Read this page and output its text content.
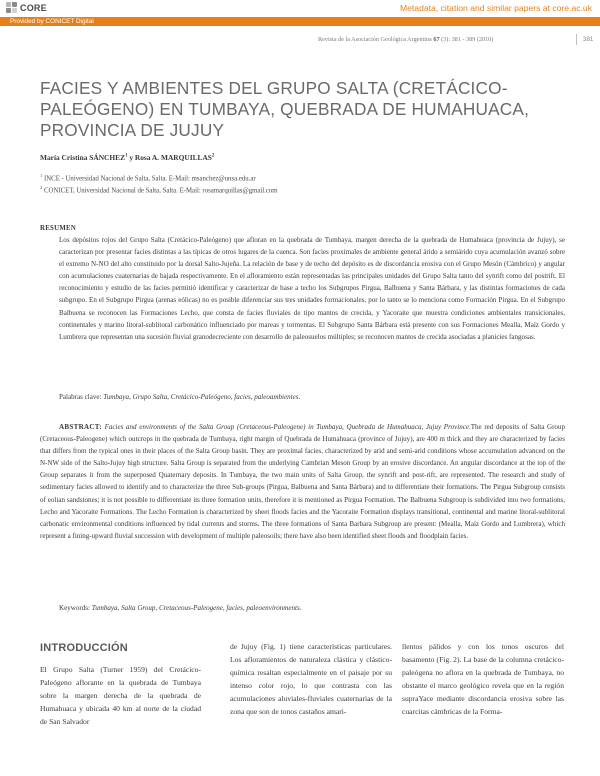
CORE	Metadata, citation and similar papers at core.ac.uk
Provided by CONICET Digital
Revista de la Asociación Geológica Argentina 67 (3): 381 - 389 (2010)	381
FACIES Y AMBIENTES DEL GRUPO SALTA (CRETÁCICO-PALEÓGENO) EN TUMBAYA, QUEBRADA DE HUMAHUACA, PROVINCIA DE JUJUY
María Cristina SÁNCHEZ$^1$ y Rosa A. MARQUILLAS$^2$
$^1$ INCE - Universidad Nacional de Salta, Salta. E-Mail: msanchez@unsa.edu.ar
$^2$ CONICET, Universidad Nacional de Salta, Salta. E-Mail: rosamarquillas@gmail.com
RESUMEN

Los depósitos rojos del Grupo Salta (Cretácico-Paleógeno) que afloran en la quebrada de Tumbaya, margen derecha de la quebrada de Humahuaca (provincia de Jujuy), se caracterizan por presentar facies distintas a las típicas de otros lugares de la cuenca. Son facies proximales de ambiente general árido a semiárido cuya acumulación avanzó sobre el extremo N-NO del alto constituido por la dorsal Salto-Jujeña. La relación de base y de techo del depósito es de discordancia erosiva con el Grupo Mesón (Cámbrico) y angular con acumulaciones cuaternarias de bajada respectivamente. En el afloramiento están representadas las principales unidades del Grupo Salta tanto del synrift como del postrift. El reconocimiento y estudio de las facies permitió identificar y caracterizar de base a techo los Subgrupos Pirgua, Balbuena y Santa Bárbara, y las distintas formaciones de cada subgrupo. En el Subgrupo Pirgua (arenas eólicas) no es posible diferenciar sus tres unidades formacionales, por lo tanto se lo menciona como Formación Pirgua. En el Subgrupo Balbuena se reconocen las Formaciones Lecho, que consta de facies fluviales de tipo mantos de crecida, y Yacoraite que muestra condiciones ambientales transicionales, continentales y marino litoral-sublitoral carbonático influenciado por mareas y tormentas. El Subgrupo Santa Bárbara está presente con sus Formaciones Mealla, Maíz Gordo y Lumbrera que representan una sucesión fluvial granodecreciente con desarrollo de paleosuelos múltiples; se reconocen mantos de crecida asociadas a planicies fangosas.

Palabras clave: Tumbaya, Grupo Salta, Cretácico-Paleógeno, facies, paleoambientes.

ABSTRACT: Facies and environments of the Salta Group (Cretaceous-Paleogene) in Tumbaya, Quebrada de Humahuaca, Jujuy Province.The red deposits of Salta Group (Cretaceous-Paleogene) which outcrops in the quebrada de Tumbaya, right margin of Quebrada de Humahuaca (province of Jujuy), are 400 m thick and they are characterized by facies that differs from the typical ones in their places of the Salta Group basin. They are proximal facies, characterized by arid and semi-arid conditions whose accumulation advanced on the N-NW side of the Salto-Jujuy high structure. Salta Group is separated from the underlying Cambrian Meson Group by an erosive discordance. An angular discordance at the top of the Group separates it from the superposed Quaternary deposits. In Tumbaya, the two main units of Salta Group, the synrift and post-rift, are represented. The research and study of sedimentary facies allowed to identify and to characterize the three Sub-groups (Pirgua, Balbuena and Santa Bárbara) and to differentiate their formations. The Pirgua Subgroup consists of eolian sandstones; it is not possible to differentiate its three formation units, therefore it is mentioned as Pirgua Formation. The Balbuena Subgroup is subdivided into two formations, Lecho and Yacoraite Formations. The Lecho Formation is characterized by sheet floods facies and the Yacoraite Formation displays transitional, continental and marine litoral-sublitoral carbonatic environmental conditions influenced by tidal currents and storms. The three formations of Santa Barbara Subgroup are present: (Mealla, Maíz Gordo and Lumbrera), which represent a fining-upward fluvial succession with development of multiple paleosoils; there have also been identified sheet floods and floodplain facies.

Keywords: Tumbaya, Salta Group, Cretaceous-Paleogene, facies, paleoenvironments.
INTRODUCCIÓN

El Grupo Salta (Turner 1959) del Cretácico-Paleógeno aflorante en la quebrada de Tumbaya sobre la margen derecha de la quebrada de Humahuaca y ubicada 40 km al norte de la ciudad de San Salvador

de Jujuy (Fig. 1) tiene características particulares. Los afloramientos de naturaleza clástica y clástico-química resaltan especialmente en el paisaje por su intenso color rojo, lo que contrasta con las acumulaciones aluviales-fluviales cuaternarias de la zona que son de tonos castaños amari-

llentos pálidos y con los tonos oscuros del basamento (Fig. 2). La base de la columna cretácico-paleógena no aflora en la quebrada de Tumbaya, no obstante el marco geológico revela que en la región supraYace mediante discordancia erosiva sobre las cuarcitas cámbricas de la Forma-
